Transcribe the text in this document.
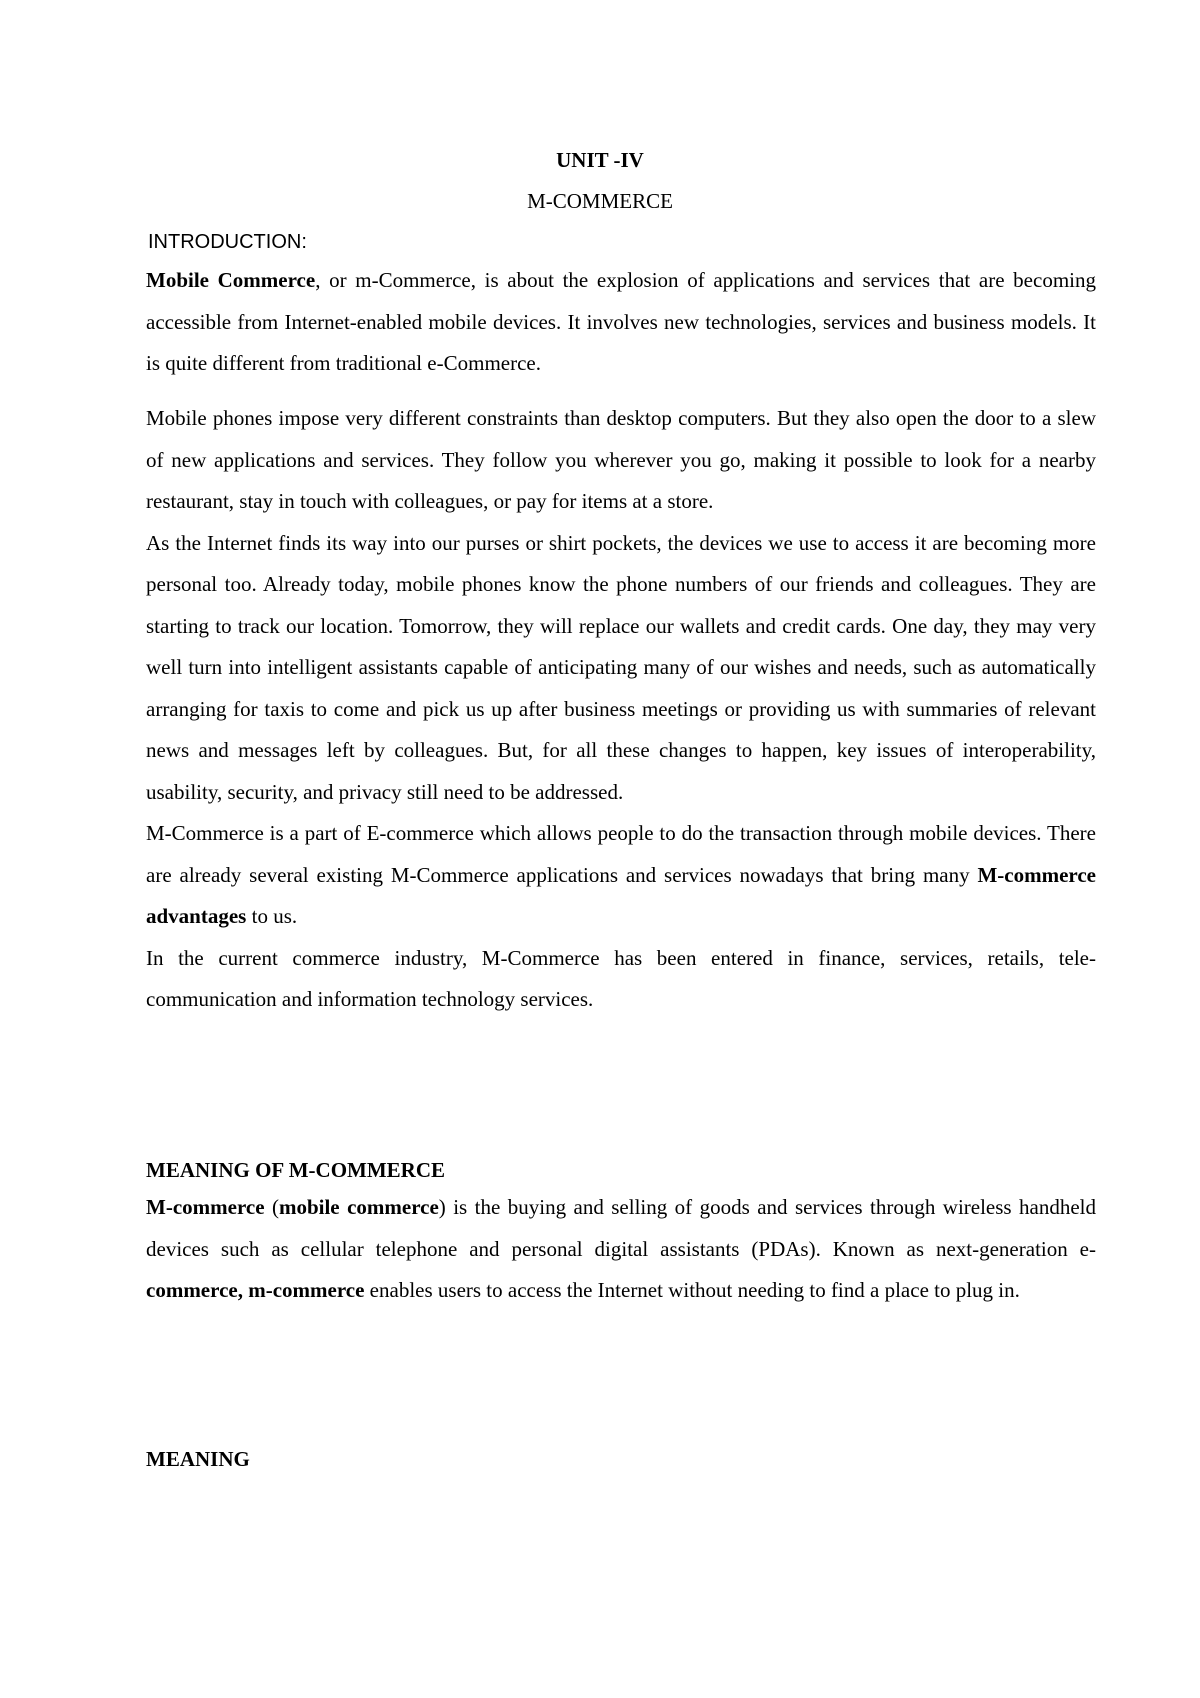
UNIT -IV
M-COMMERCE
INTRODUCTION:

Mobile Commerce, or m-Commerce, is about the explosion of applications and services that are becoming accessible from Internet-enabled mobile devices. It involves new technologies, services and business models. It is quite different from traditional e-Commerce.

Mobile phones impose very different constraints than desktop computers. But they also open the door to a slew of new applications and services. They follow you wherever you go, making it possible to look for a nearby restaurant, stay in touch with colleagues, or pay for items at a store.

As the Internet finds its way into our purses or shirt pockets, the devices we use to access it are becoming more personal too. Already today, mobile phones know the phone numbers of our friends and colleagues. They are starting to track our location. Tomorrow, they will replace our wallets and credit cards. One day, they may very well turn into intelligent assistants capable of anticipating many of our wishes and needs, such as automatically arranging for taxis to come and pick us up after business meetings or providing us with summaries of relevant news and messages left by colleagues. But, for all these changes to happen, key issues of interoperability, usability, security, and privacy still need to be addressed.

M-Commerce is a part of E-commerce which allows people to do the transaction through mobile devices. There are already several existing M-Commerce applications and services nowadays that bring many M-commerce advantages to us.

In the current commerce industry, M-Commerce has been entered in finance, services, retails, tele-communication and information technology services.

MEANING OF M-COMMERCE

M-commerce (mobile commerce) is the buying and selling of goods and services through wireless handheld devices such as cellular telephone and personal digital assistants (PDAs). Known as next-generation e-commerce, m-commerce enables users to access the Internet without needing to find a place to plug in.

MEANING
